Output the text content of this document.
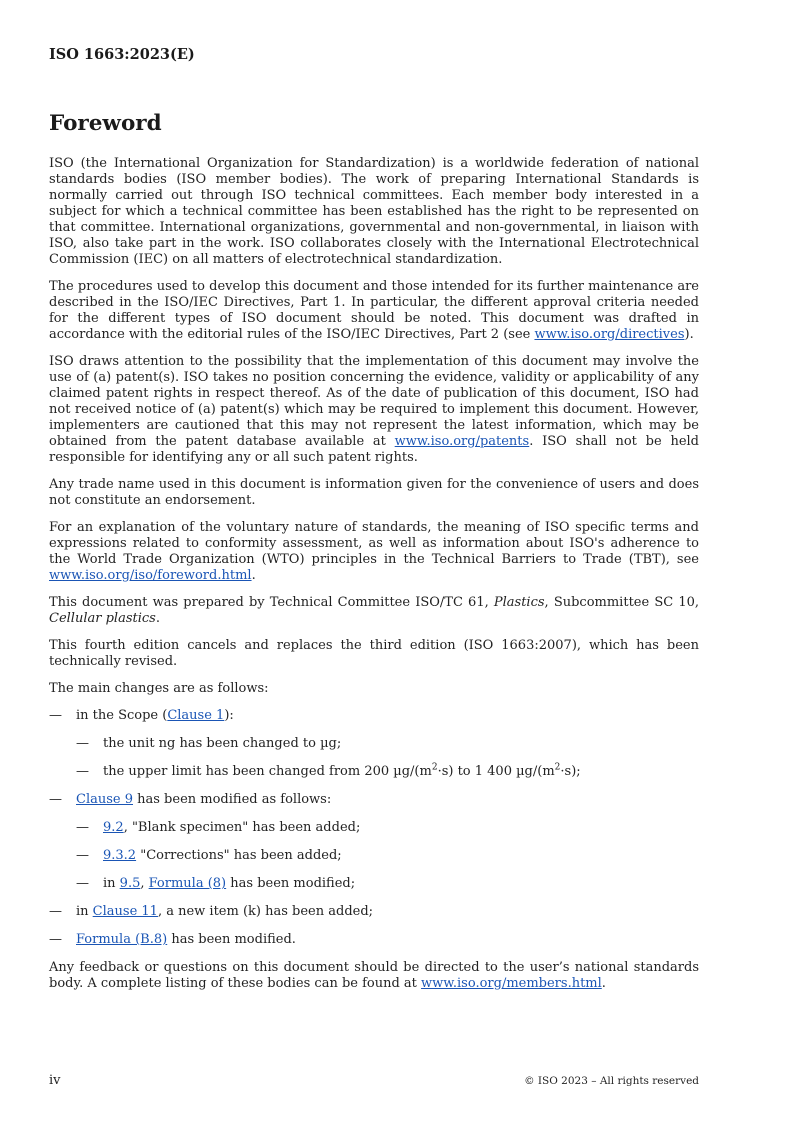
ISO 1663:2023(E)
Foreword

ISO (the International Organization for Standardization) is a worldwide federation of national standards bodies (ISO member bodies). The work of preparing International Standards is normally carried out through ISO technical committees. Each member body interested in a subject for which a technical committee has been established has the right to be represented on that committee. International organizations, governmental and non-governmental, in liaison with ISO, also take part in the work. ISO collaborates closely with the International Electrotechnical Commission (IEC) on all matters of electrotechnical standardization.

The procedures used to develop this document and those intended for its further maintenance are described in the ISO/IEC Directives, Part 1. In particular, the different approval criteria needed for the different types of ISO document should be noted. This document was drafted in accordance with the editorial rules of the ISO/IEC Directives, Part 2 (see www.iso.org/directives).

ISO draws attention to the possibility that the implementation of this document may involve the use of (a) patent(s). ISO takes no position concerning the evidence, validity or applicability of any claimed patent rights in respect thereof. As of the date of publication of this document, ISO had not received notice of (a) patent(s) which may be required to implement this document. However, implementers are cautioned that this may not represent the latest information, which may be obtained from the patent database available at www.iso.org/patents. ISO shall not be held responsible for identifying any or all such patent rights.

Any trade name used in this document is information given for the convenience of users and does not constitute an endorsement.

For an explanation of the voluntary nature of standards, the meaning of ISO specific terms and expressions related to conformity assessment, as well as information about ISO's adherence to the World Trade Organization (WTO) principles in the Technical Barriers to Trade (TBT), see www.iso.org/iso/foreword.html.

This document was prepared by Technical Committee ISO/TC 61, Plastics, Subcommittee SC 10, Cellular plastics.

This fourth edition cancels and replaces the third edition (ISO 1663:2007), which has been technically revised.

The main changes are as follows:

—	in the Scope (Clause 1):
—	the unit ng has been changed to µg;
—	the upper limit has been changed from 200 $\mu g/(m^2\cdot s)$ to 1 400 $\mu g/(m^2\cdot s)$;
—	Clause 9 has been modified as follows:
—	9.2, "Blank specimen" has been added;
—	9.3.2 "Corrections" has been added;
—	in 9.5, Formula (8) has been modified;
—	in Clause 11, a new item (k) has been added;
—	Formula (B.8) has been modified.

Any feedback or questions on this document should be directed to the user’s national standards body. A complete listing of these bodies can be found at www.iso.org/members.html.

iv	© ISO 2023 – All rights reserved
